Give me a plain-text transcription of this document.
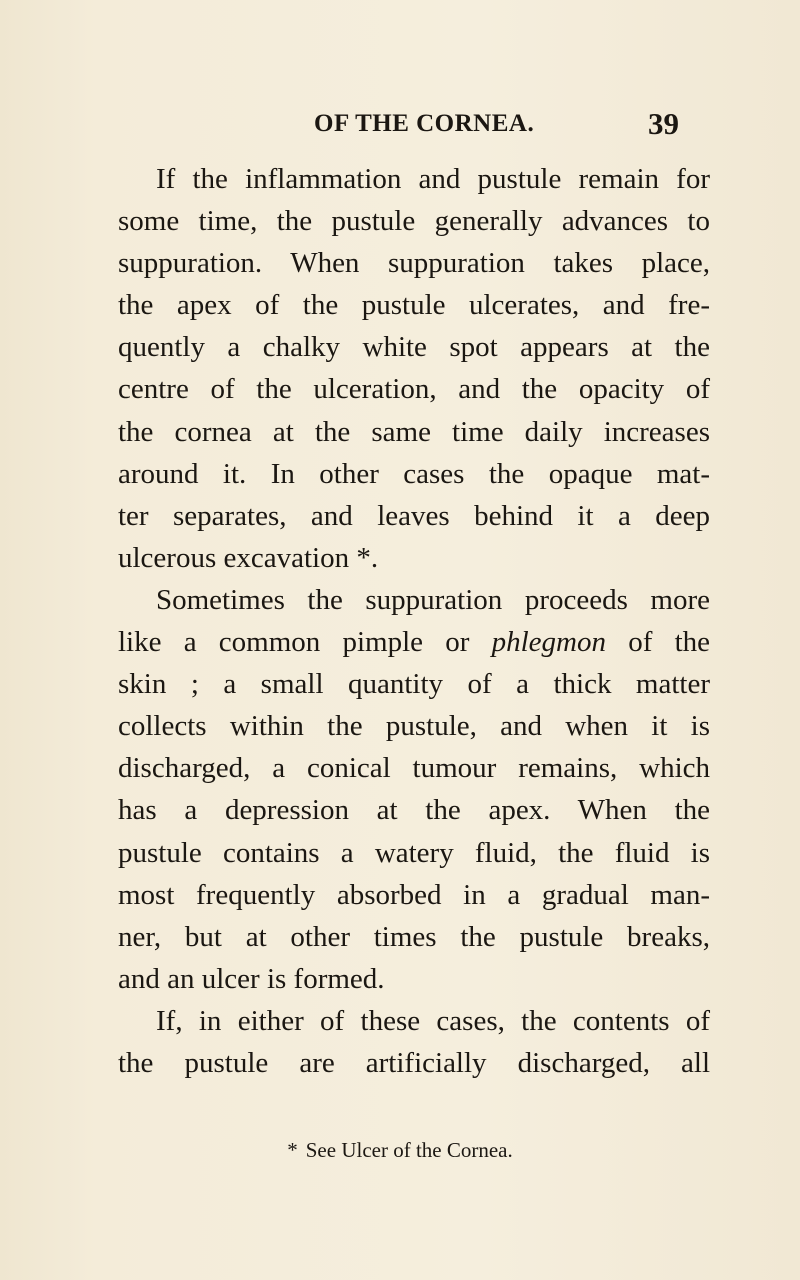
OF THE CORNEA.	39
If the inflammation and pustule remain for
some time, the pustule generally advances to
suppuration. When suppuration takes place,
the apex of the pustule ulcerates, and fre-
quently a chalky white spot appears at the
centre of the ulceration, and the opacity of
the cornea at the same time daily increases
around it. In other cases the opaque mat-
ter separates, and leaves behind it a deep
ulcerous excavation *.
Sometimes the suppuration proceeds more
like a common pimple or phlegmon of the
skin ; a small quantity of a thick matter
collects within the pustule, and when it is
discharged, a conical tumour remains, which
has a depression at the apex. When the
pustule contains a watery fluid, the fluid is
most frequently absorbed in a gradual man-
ner, but at other times the pustule breaks,
and an ulcer is formed.
If, in either of these cases, the contents of
the pustule are artificially discharged, all
* See Ulcer of the Cornea.
